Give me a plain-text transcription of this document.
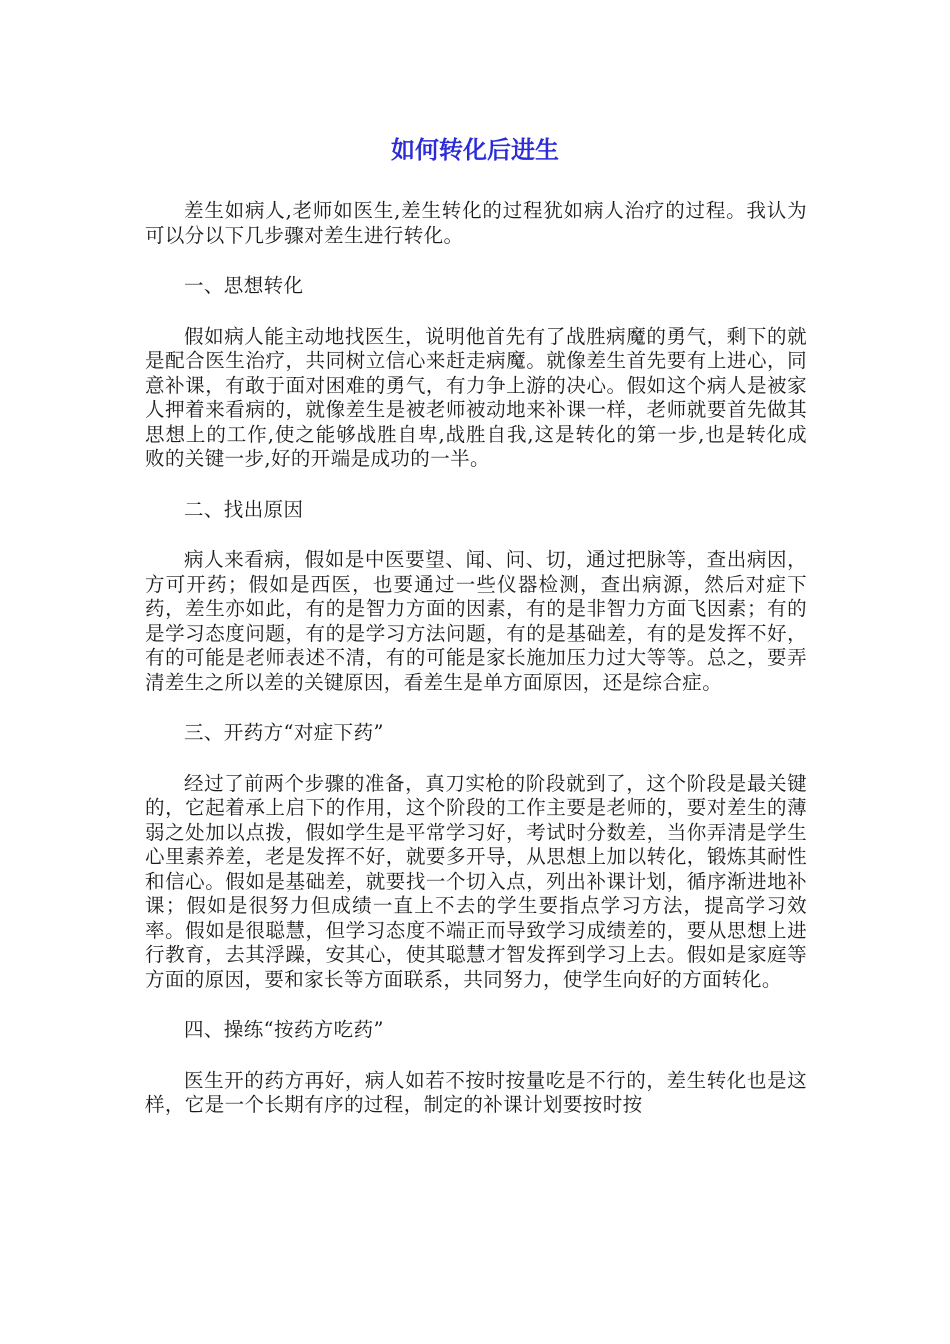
如何转化后进生

差生如病人,老师如医生,差生转化的过程犹如病人治疗的过程。我认为可以分以下几步骤对差生进行转化。

一、思想转化

假如病人能主动地找医生，说明他首先有了战胜病魔的勇气，剩下的就是配合医生治疗，共同树立信心来赶走病魔。就像差生首先要有上进心，同意补课，有敢于面对困难的勇气，有力争上游的决心。假如这个病人是被家人押着来看病的，就像差生是被老师被动地来补课一样，老师就要首先做其思想上的工作,使之能够战胜自卑,战胜自我,这是转化的第一步,也是转化成败的关键一步,好的开端是成功的一半。

二、找出原因

病人来看病，假如是中医要望、闻、问、切，通过把脉等，查出病因，方可开药；假如是西医，也要通过一些仪器检测，查出病源，然后对症下药，差生亦如此，有的是智力方面的因素，有的是非智力方面飞因素；有的是学习态度问题，有的是学习方法问题，有的是基础差，有的是发挥不好，有的可能是老师表述不清，有的可能是家长施加压力过大等等。总之，要弄清差生之所以差的关键原因，看差生是单方面原因，还是综合症。

三、开药方“对症下药”

经过了前两个步骤的准备，真刀实枪的阶段就到了，这个阶段是最关键的，它起着承上启下的作用，这个阶段的工作主要是老师的，要对差生的薄弱之处加以点拨，假如学生是平常学习好，考试时分数差，当你弄清是学生心里素养差，老是发挥不好，就要多开导，从思想上加以转化，锻炼其耐性和信心。假如是基础差，就要找一个切入点，列出补课计划，循序渐进地补课；假如是很努力但成绩一直上不去的学生要指点学习方法，提高学习效率。假如是很聪慧，但学习态度不端正而导致学习成绩差的，要从思想上进行教育，去其浮躁，安其心，使其聪慧才智发挥到学习上去。假如是家庭等方面的原因，要和家长等方面联系，共同努力，使学生向好的方面转化。

四、操练“按药方吃药”

医生开的药方再好，病人如若不按时按量吃是不行的，差生转化也是这样，它是一个长期有序的过程，制定的补课计划要按时按
